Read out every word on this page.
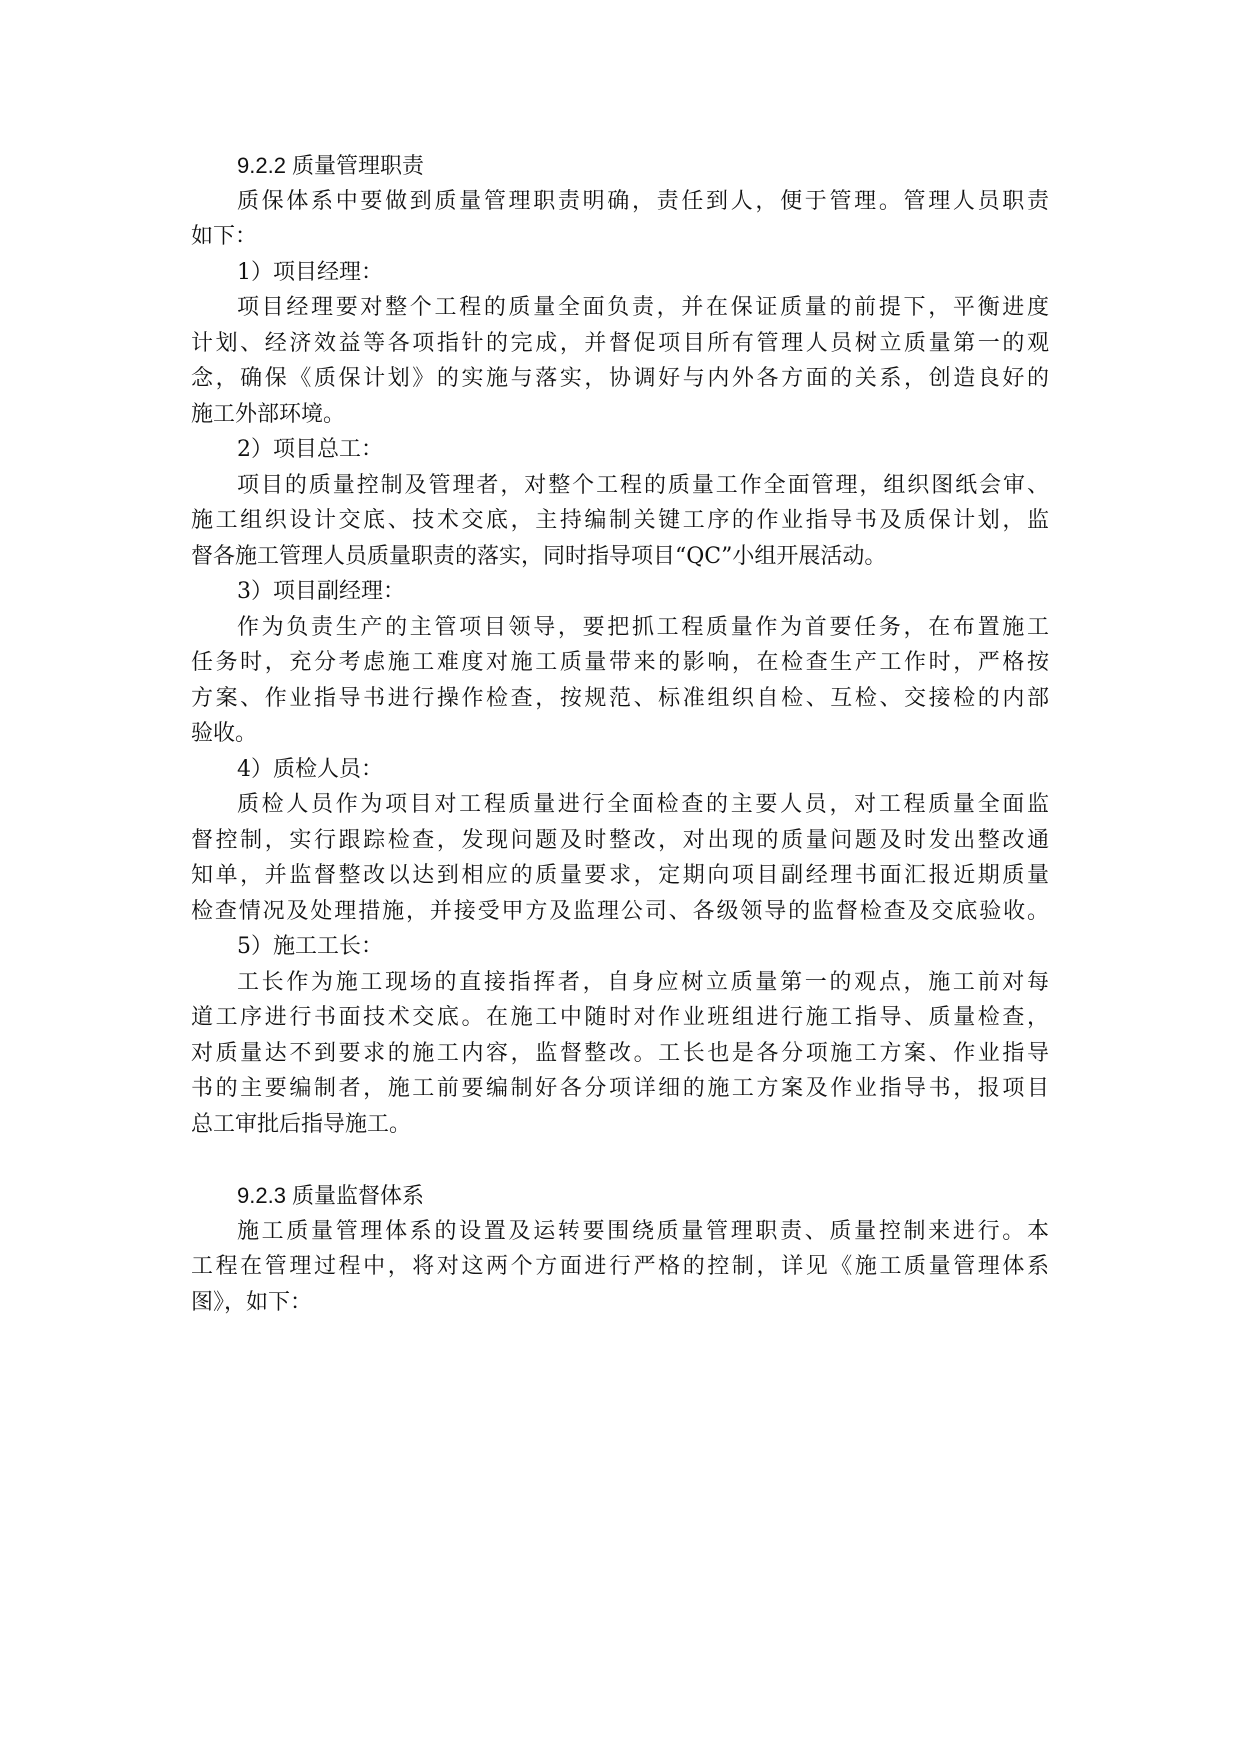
9.2.2 质量管理职责
质保体系中要做到质量管理职责明确，责任到人，便于管理。管理人员职责
如下：
1）项目经理：
项目经理要对整个工程的质量全面负责，并在保证质量的前提下，平衡进度
计划、经济效益等各项指针的完成，并督促项目所有管理人员树立质量第一的观
念，确保《质保计划》的实施与落实，协调好与内外各方面的关系，创造良好的
施工外部环境。
2）项目总工：
项目的质量控制及管理者，对整个工程的质量工作全面管理，组织图纸会审、
施工组织设计交底、技术交底，主持编制关键工序的作业指导书及质保计划，监
督各施工管理人员质量职责的落实，同时指导项目“QC”小组开展活动。
3）项目副经理：
作为负责生产的主管项目领导，要把抓工程质量作为首要任务，在布置施工
任务时，充分考虑施工难度对施工质量带来的影响，在检查生产工作时，严格按
方案、作业指导书进行操作检查，按规范、标准组织自检、互检、交接检的内部
验收。
4）质检人员：
质检人员作为项目对工程质量进行全面检查的主要人员，对工程质量全面监
督控制，实行跟踪检查，发现问题及时整改，对出现的质量问题及时发出整改通
知单，并监督整改以达到相应的质量要求，定期向项目副经理书面汇报近期质量
检查情况及处理措施，并接受甲方及监理公司、各级领导的监督检查及交底验收。
5）施工工长：
工长作为施工现场的直接指挥者，自身应树立质量第一的观点，施工前对每
道工序进行书面技术交底。在施工中随时对作业班组进行施工指导、质量检查，
对质量达不到要求的施工内容，监督整改。工长也是各分项施工方案、作业指导
书的主要编制者，施工前要编制好各分项详细的施工方案及作业指导书，报项目
总工审批后指导施工。
9.2.3 质量监督体系
施工质量管理体系的设置及运转要围绕质量管理职责、质量控制来进行。本
工程在管理过程中，将对这两个方面进行严格的控制，详见《施工质量管理体系
图》，如下：
